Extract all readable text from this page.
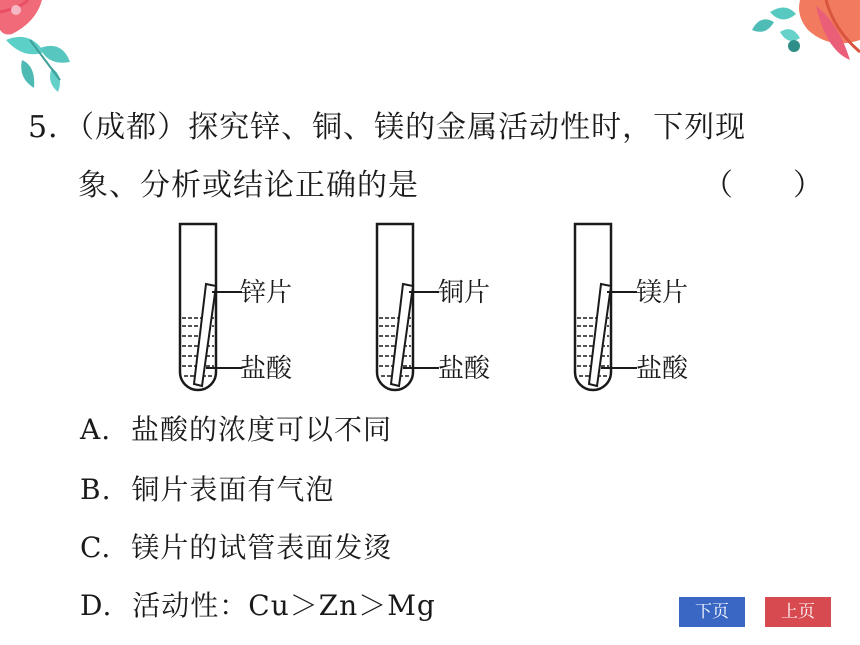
5．（成都）探究锌、铜、镁的金属活动性时，下列现
象、分析或结论正确的是	（　　）
锌片
盐酸
铜片
盐酸
镁片
盐酸
A. 盐酸的浓度可以不同
B. 铜片表面有气泡
C. 镁片的试管表面发烫
D. 活动性：Cu＞Zn＞Mg	下页	上页
